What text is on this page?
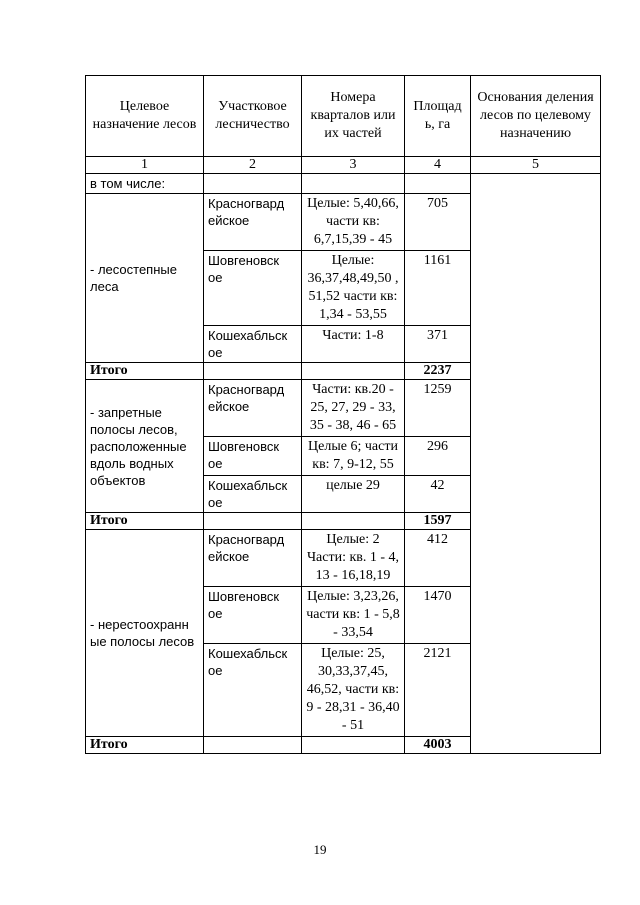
Целевое назначение лесов	Участковое лесничество	Номера кварталов или их частей	Площад ь, га	Основания деления лесов по целевому назначению
1	2	3	4	5
в том числе:				
- лесостепные леса	Красногвард ейское	Целые: 5,40,66, части кв: 6,7,15,39 - 45	705	
	Шовгеновск ое	Целые: 36,37,48,49,50 , 51,52 части кв: 1,34 - 53,55	1161	
	Кошехабльск ое	Части: 1-8	371	
Итого			2237	
- запретные полосы лесов, расположенные вдоль водных объектов	Красногвард ейское	Части: кв.20 - 25, 27, 29 - 33, 35 - 38, 46 - 65	1259	
	Шовгеновск ое	Целые 6; части кв: 7, 9-12, 55	296	
	Кошехабльск ое	целые 29	42	
Итого			1597	
- нерестоохранн ые полосы лесов	Красногвард ейское	Целые: 2 Части: кв. 1 - 4, 13 - 16,18,19	412	
	Шовгеновск ое	Целые: 3,23,26, части кв: 1 - 5,8 - 33,54	1470	
	Кошехабльск ое	Целые: 25, 30,33,37,45, 46,52, части кв: 9 - 28,31 - 36,40 - 51	2121	
Итого			4003	
19
